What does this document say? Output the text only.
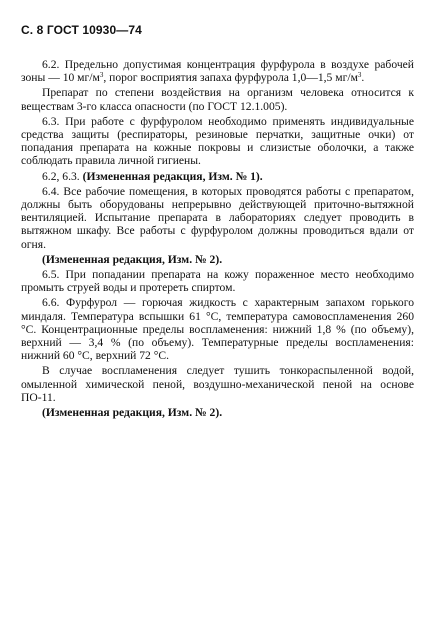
С. 8 ГОСТ 10930—74

6.2. Предельно допустимая концентрация фурфурола в воздухе рабочей зоны — 10 $мг/м^3$, порог восприятия запаха фурфурола 1,0—1,5 $мг/м^3$.

Препарат по степени воздействия на организм человека относится к веществам 3-го класса опасности (по ГОСТ 12.1.005).

6.3. При работе с фурфуролом необходимо применять индивидуальные средства защиты (респираторы, резиновые перчатки, защитные очки) от попадания препарата на кожные покровы и слизистые оболочки, а также соблюдать правила личной гигиены.

6.2, 6.3. (Измененная редакция, Изм. № 1).

6.4. Все рабочие помещения, в которых проводятся работы с препаратом, должны быть оборудованы непрерывно действующей приточно-вытяжной вентиляцией. Испытание препарата в лабораториях следует проводить в вытяжном шкафу. Все работы с фурфуролом должны проводиться вдали от огня.

(Измененная редакция, Изм. № 2).

6.5. При попадании препарата на кожу пораженное место необходимо промыть струей воды и протереть спиртом.

6.6. Фурфурол — горючая жидкость с характерным запахом горького миндаля. Температура вспышки 61 °С, температура самовоспламенения 260 °С. Концентрационные пределы воспламенения: нижний 1,8 % (по объему), верхний — 3,4 % (по объему). Температурные пределы воспламенения: нижний 60 °С, верхний 72 °С.

В случае воспламенения следует тушить тонкораспыленной водой, омыленной химической пеной, воздушно-механической пеной на основе ПО-11.

(Измененная редакция, Изм. № 2).
